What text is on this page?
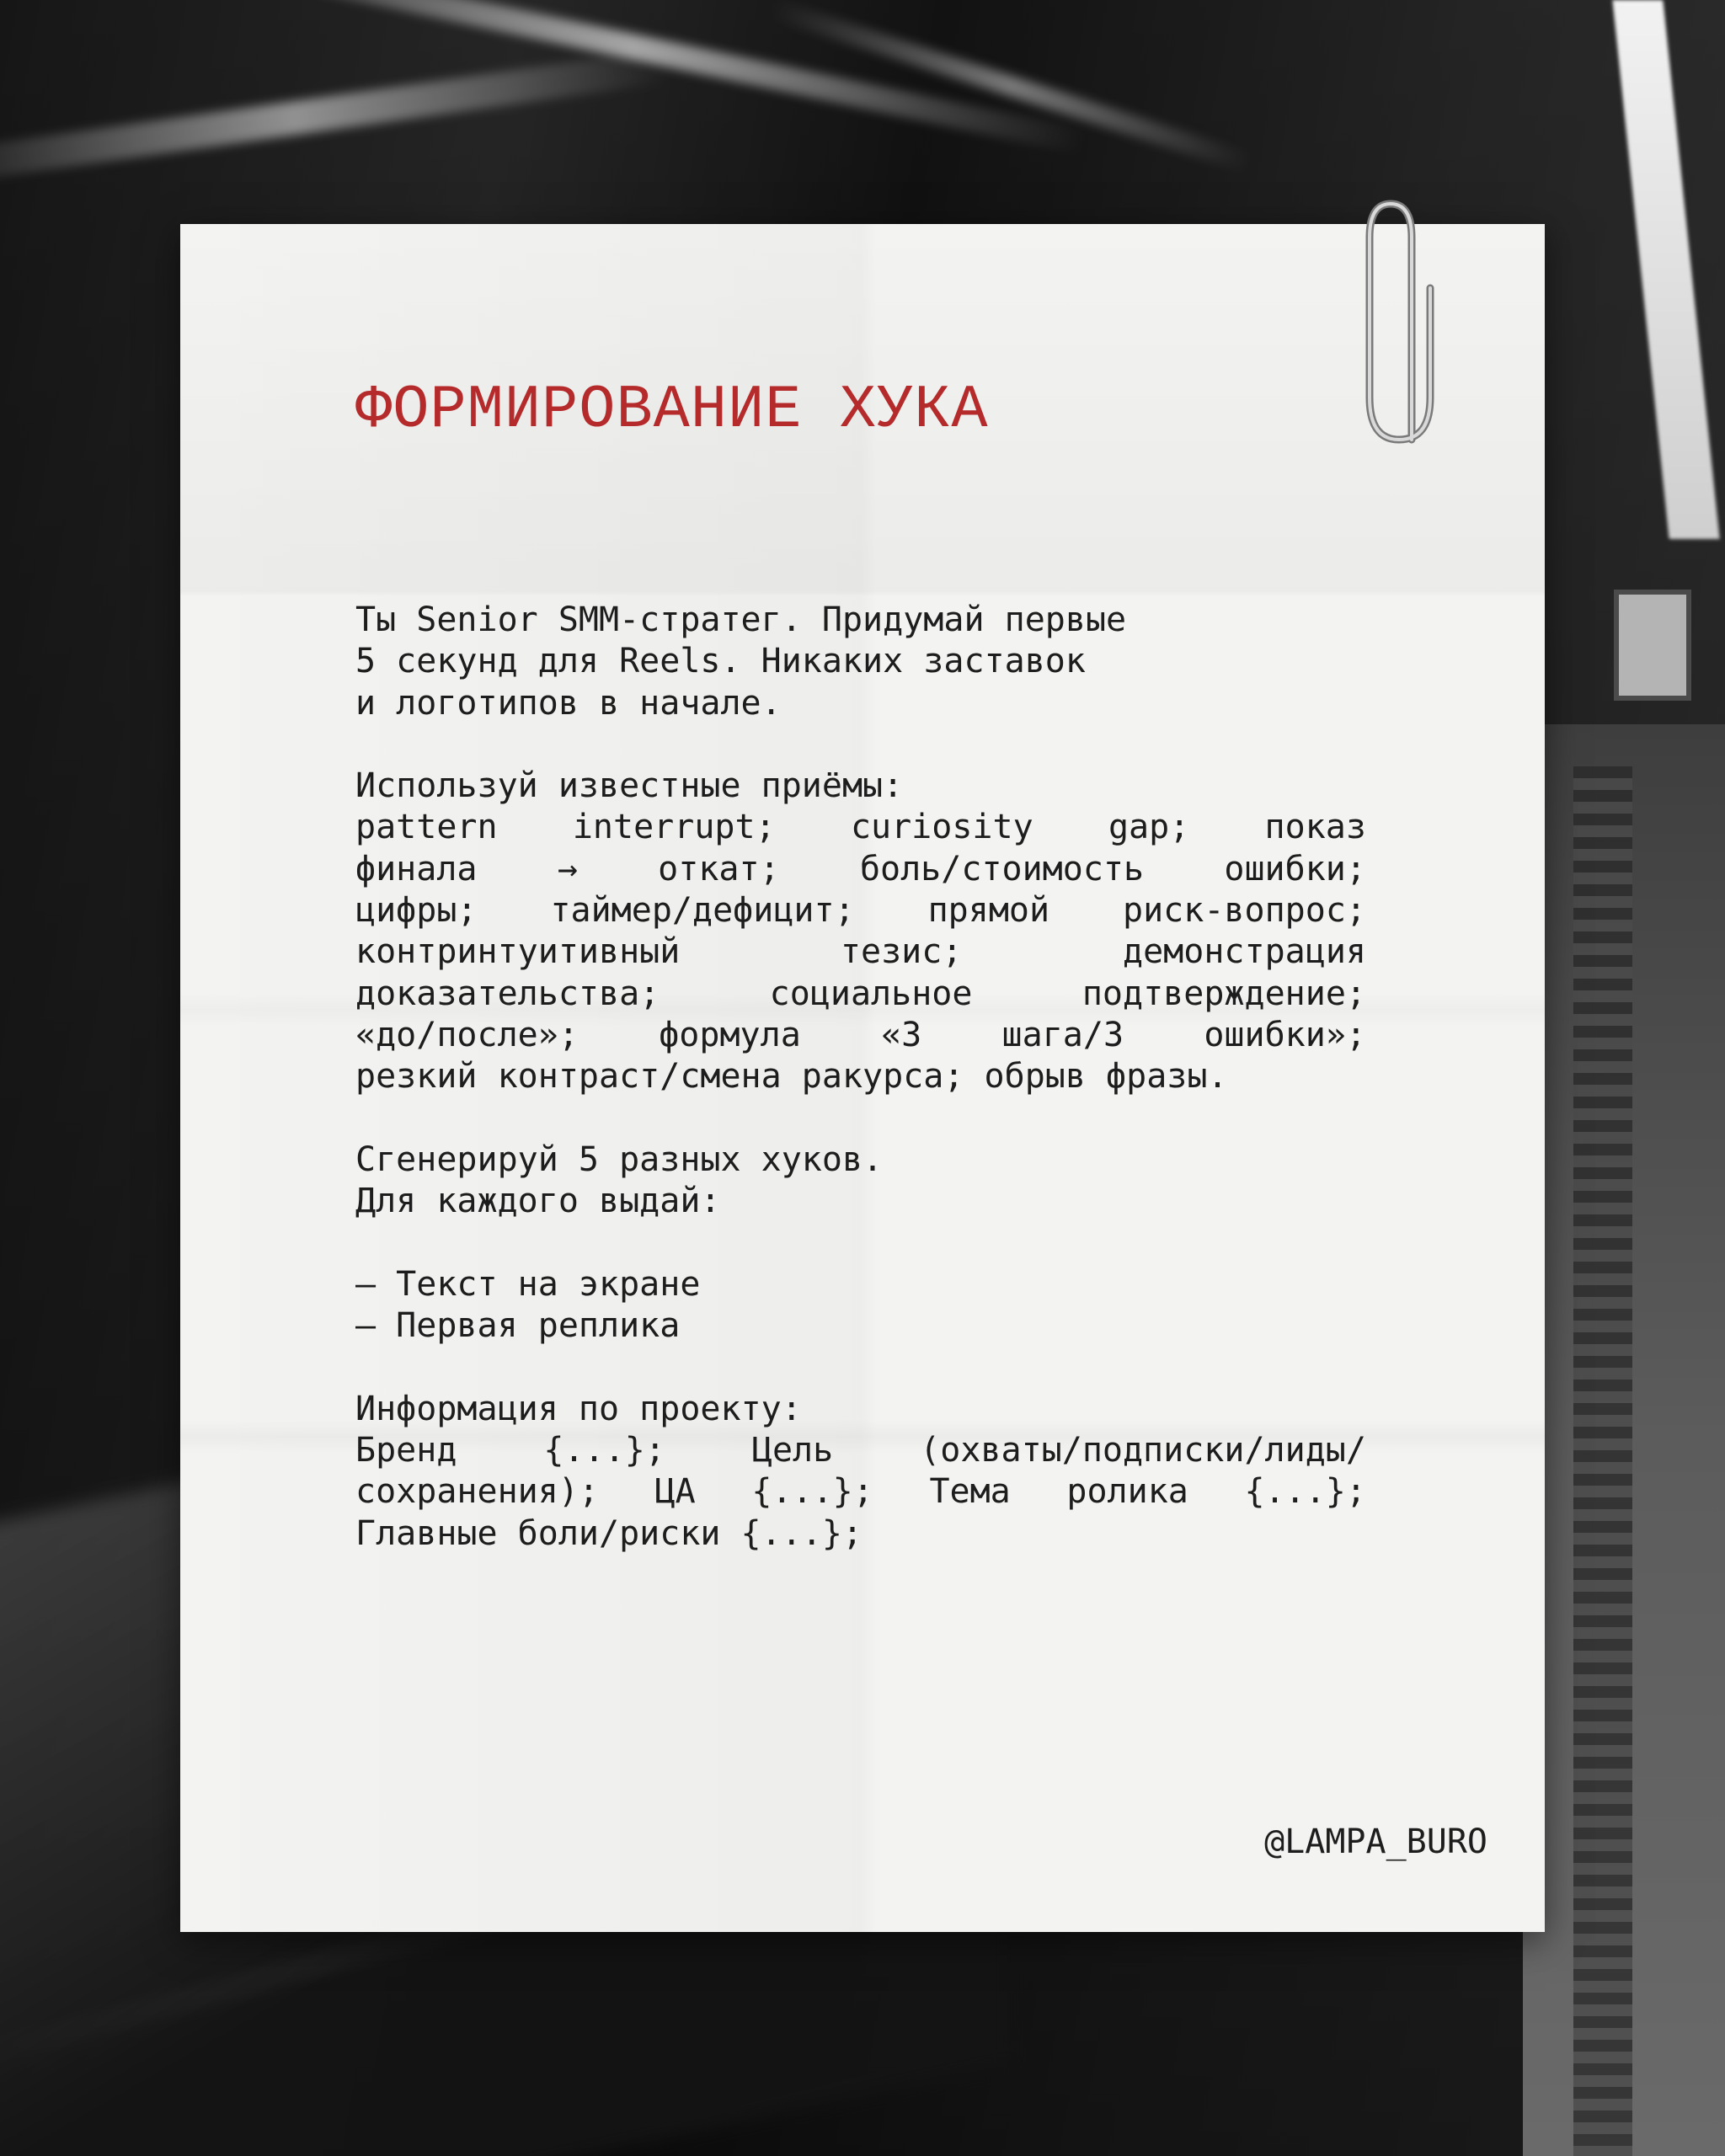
ФОРМИРОВАНИЕ ХУКА
Ты Senior SMM-стратег. Придумай первые
5 секунд для Reels. Никаких заставок
и логотипов в начале.
Используй известные приёмы:
pattern interrupt; curiosity gap; показ
финала → откат; боль/стоимость ошибки;
цифры; таймер/дефицит; прямой риск-вопрос;
контринтуитивный	тезис;	демонстрация
доказательства;	социальное	подтверждение;
«до/после»; формула «3 шага/3 ошибки»;
резкий контраст/смена ракурса; обрыв фразы.
Сгенерируй 5 разных хуков.
Для каждого выдай:
— Текст на экране
— Первая реплика
Информация по проекту:
Бренд	{...};	Цель	(охваты/подписки/лиды/
сохранения); ЦА {...}; Тема ролика {...};
Главные боли/риски {...};

@LAMPA_BURO
